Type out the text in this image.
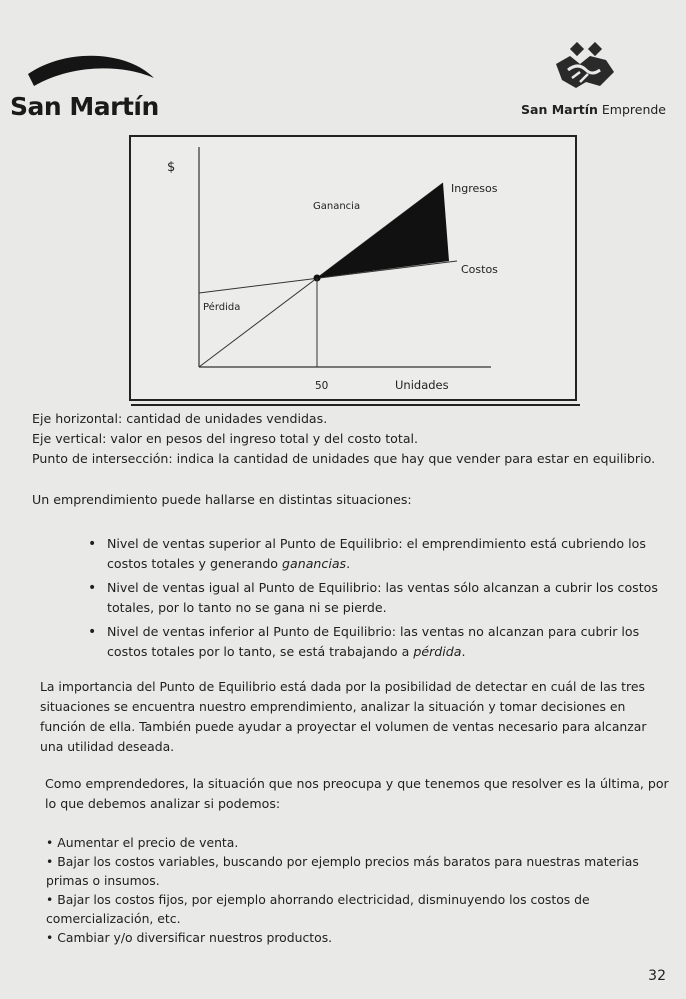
San Martín	San Martín Emprende
$
Ingresos
Ganancia
Costos
Pérdida
50	Unidades
Eje horizontal: cantidad de unidades vendidas.
Eje vertical: valor en pesos del ingreso total y del costo total.
Punto de intersección: indica la cantidad de unidades que hay que vender para estar en equilibrio.
Un emprendimiento puede hallarse en distintas situaciones:
• Nivel de ventas superior al Punto de Equilibrio: el emprendimiento está cubriendo los costos totales y generando ganancias.
• Nivel de ventas igual al Punto de Equilibrio: las ventas sólo alcanzan a cubrir los costos totales, por lo tanto no se gana ni se pierde.
• Nivel de ventas inferior al Punto de Equilibrio: las ventas no alcanzan para cubrir los costos totales por lo tanto, se está trabajando a pérdida.
La importancia del Punto de Equilibrio está dada por la posibilidad de detectar en cuál de las tres situaciones se encuentra nuestro emprendimiento, analizar la situación y tomar decisiones en función de ella. También puede ayudar a proyectar el volumen de ventas necesario para alcanzar una utilidad deseada.
Como emprendedores, la situación que nos preocupa y que tenemos que resolver es la última, por lo que debemos analizar si podemos:
• Aumentar el precio de venta.
• Bajar los costos variables, buscando por ejemplo precios más baratos para nuestras materias primas o insumos.
• Bajar los costos fijos, por ejemplo ahorrando electricidad, disminuyendo los costos de comercialización, etc.
• Cambiar y/o diversificar nuestros productos.
32
